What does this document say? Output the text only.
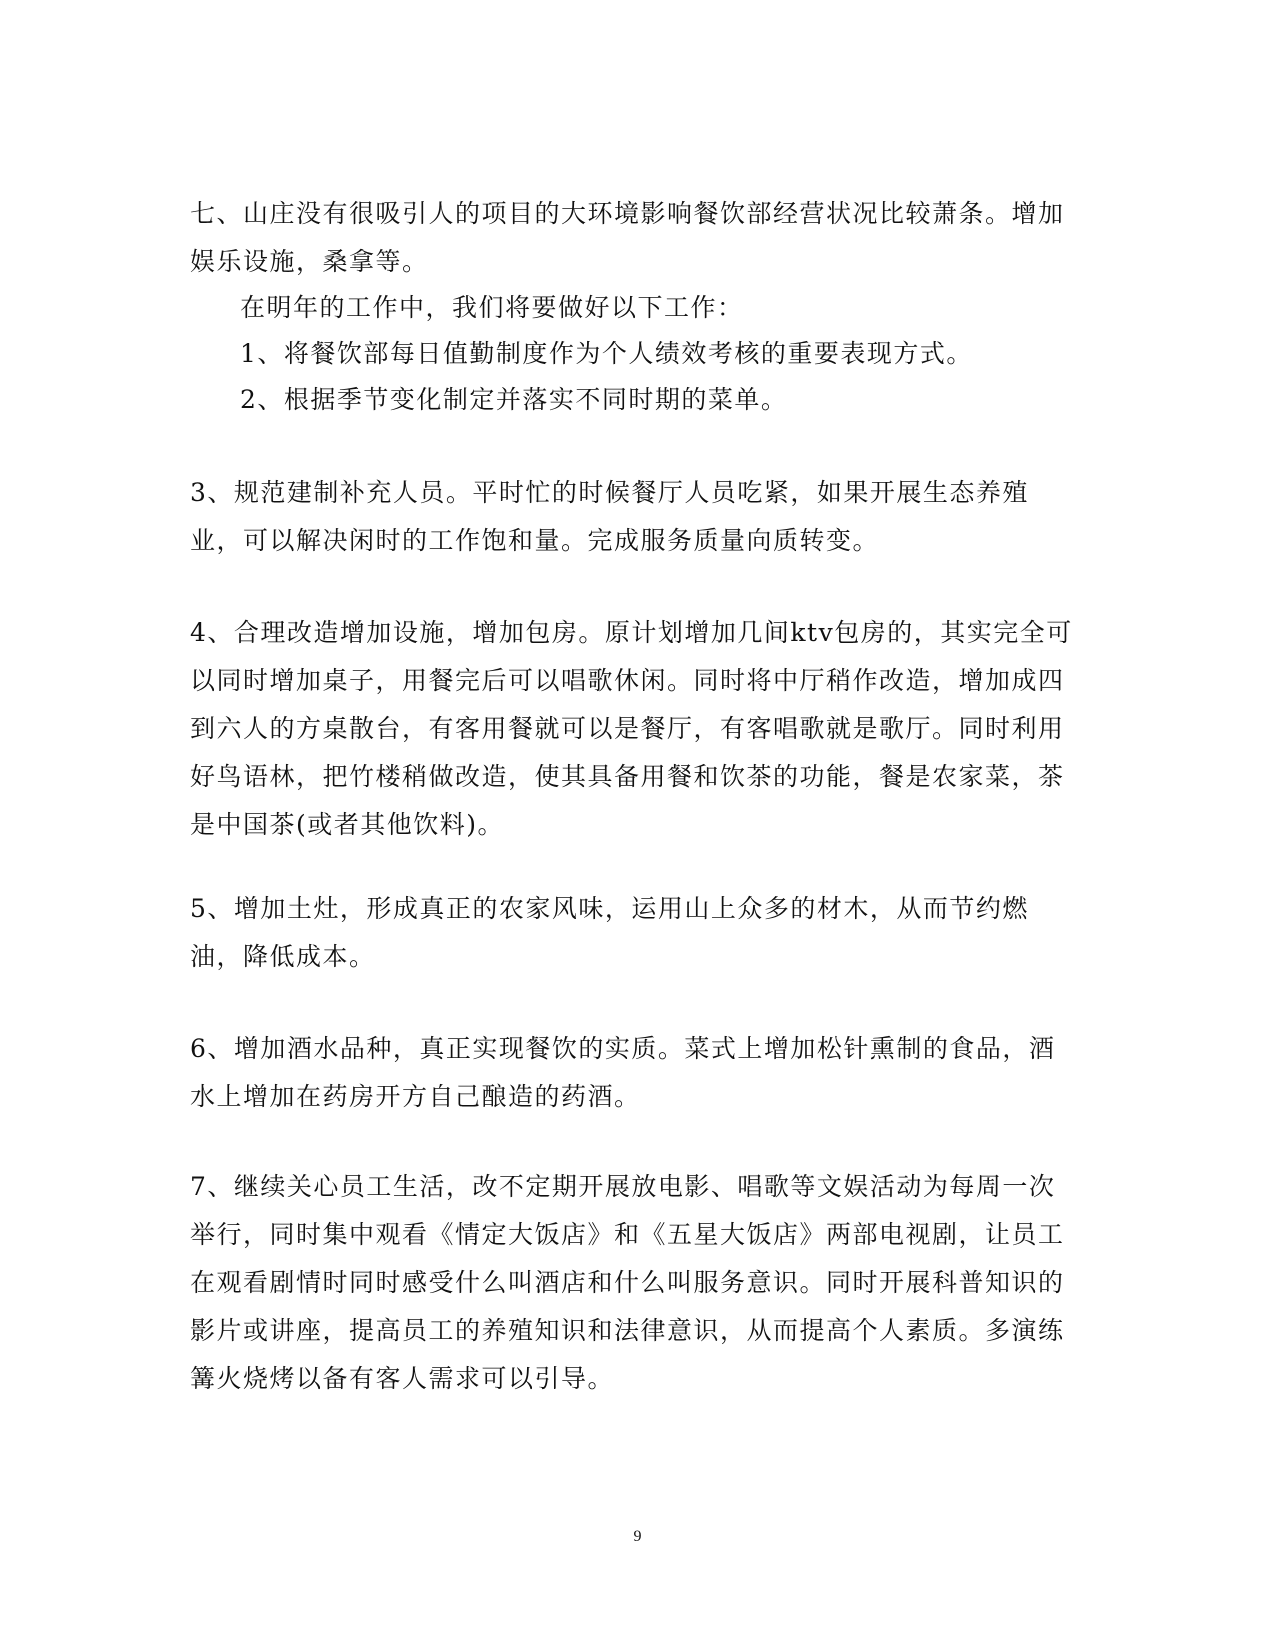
七、山庄没有很吸引人的项目的大环境影响餐饮部经营状况比较萧条。增加娱乐设施，桑拿等。

在明年的工作中，我们将要做好以下工作：

1、将餐饮部每日值勤制度作为个人绩效考核的重要表现方式。

2、根据季节变化制定并落实不同时期的菜单。

3、规范建制补充人员。平时忙的时候餐厅人员吃紧，如果开展生态养殖业，可以解决闲时的工作饱和量。完成服务质量向质转变。

4、合理改造增加设施，增加包房。原计划增加几间ktv包房的，其实完全可以同时增加桌子，用餐完后可以唱歌休闲。同时将中厅稍作改造，增加成四到六人的方桌散台，有客用餐就可以是餐厅，有客唱歌就是歌厅。同时利用好鸟语林，把竹楼稍做改造，使其具备用餐和饮茶的功能，餐是农家菜，茶是中国茶(或者其他饮料)。

5、增加土灶，形成真正的农家风味，运用山上众多的材木，从而节约燃油，降低成本。

6、增加酒水品种，真正实现餐饮的实质。菜式上增加松针熏制的食品，酒水上增加在药房开方自己酿造的药酒。

7、继续关心员工生活，改不定期开展放电影、唱歌等文娱活动为每周一次举行，同时集中观看《情定大饭店》和《五星大饭店》两部电视剧，让员工在观看剧情时同时感受什么叫酒店和什么叫服务意识。同时开展科普知识的影片或讲座，提高员工的养殖知识和法律意识，从而提高个人素质。多演练篝火烧烤以备有客人需求可以引导。

9
